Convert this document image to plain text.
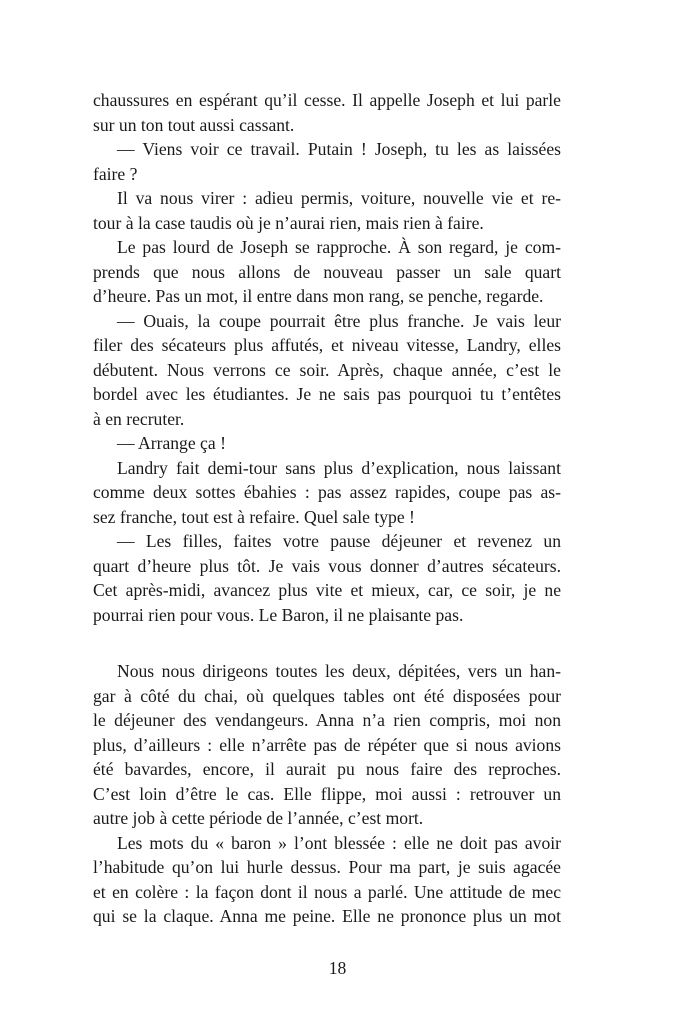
chaussures en espérant qu’il cesse. Il appelle Joseph et lui parle
sur un ton tout aussi cassant.
— Viens voir ce travail. Putain ! Joseph, tu les as laissées
faire ?
Il va nous virer : adieu permis, voiture, nouvelle vie et re-
tour à la case taudis où je n’aurai rien, mais rien à faire.
Le pas lourd de Joseph se rapproche. À son regard, je com-
prends que nous allons de nouveau passer un sale quart
d’heure. Pas un mot, il entre dans mon rang, se penche, regarde.
— Ouais, la coupe pourrait être plus franche. Je vais leur
filer des sécateurs plus affutés, et niveau vitesse, Landry, elles
débutent. Nous verrons ce soir. Après, chaque année, c’est le
bordel avec les étudiantes. Je ne sais pas pourquoi tu t’entêtes
à en recruter.
— Arrange ça !
Landry fait demi-tour sans plus d’explication, nous laissant
comme deux sottes ébahies : pas assez rapides, coupe pas as-
sez franche, tout est à refaire. Quel sale type !
— Les filles, faites votre pause déjeuner et revenez un
quart d’heure plus tôt. Je vais vous donner d’autres sécateurs.
Cet après-midi, avancez plus vite et mieux, car, ce soir, je ne
pourrai rien pour vous. Le Baron, il ne plaisante pas.
Nous nous dirigeons toutes les deux, dépitées, vers un han-
gar à côté du chai, où quelques tables ont été disposées pour
le déjeuner des vendangeurs. Anna n’a rien compris, moi non
plus, d’ailleurs : elle n’arrête pas de répéter que si nous avions
été bavardes, encore, il aurait pu nous faire des reproches.
C’est loin d’être le cas. Elle flippe, moi aussi : retrouver un
autre job à cette période de l’année, c’est mort.
Les mots du « baron » l’ont blessée : elle ne doit pas avoir
l’habitude qu’on lui hurle dessus. Pour ma part, je suis agacée
et en colère : la façon dont il nous a parlé. Une attitude de mec
qui se la claque. Anna me peine. Elle ne prononce plus un mot
18
